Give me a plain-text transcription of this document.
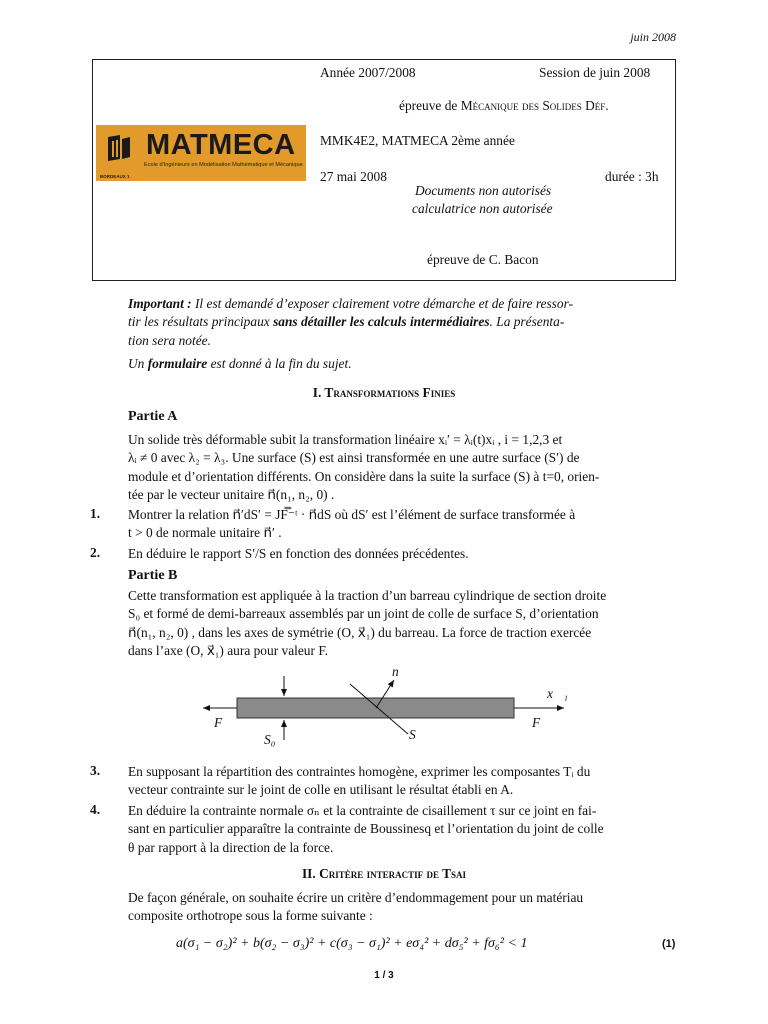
juin 2008
Année 2007/2008	Session de juin 2008
épreuve de Mécanique des Solides Déf.
MMK4E2, MATMECA 2ème année
27 mai 2008	durée : 3h
Documents non autorisés
calculatrice non autorisée
épreuve de C. Bacon
BORDEAUX 1
MATMECA
Ecole d'Ingénieurs en Modélisation Mathématique et Mécanique
Important : Il est demandé d’exposer clairement votre démarche et de faire ressor-
tir les résultats principaux sans détailler les calculs intermédiaires. La présenta-
tion sera notée.
Un formulaire est donné à la fin du sujet.
I. Transformations Finies
Partie A
Un solide très déformable subit la transformation linéaire xᵢ′ = λᵢ(t)xᵢ , i = 1,2,3 et
λᵢ ≠ 0 avec λ₂ = λ₃. Une surface (S) est ainsi transformée en une autre surface (S′) de
module et d’orientation différents. On considère dans la suite la surface (S) à t=0, orien-
tée par le vecteur unitaire n⃗(n₁, n₂, 0) .
1. Montrer la relation n⃗′dS′ = JF̿⁻ᵗ · n⃗dS où dS′ est l’élément de surface transformée à
t > 0 de normale unitaire n⃗′ .
2. En déduire le rapport S′/S en fonction des données précédentes.
Partie B
Cette transformation est appliquée à la traction d’un barreau cylindrique de section droite
S₀ et formé de demi-barreaux assemblés par un joint de colle de surface S, d’orientation
n⃗(n₁, n₂, 0) , dans les axes de symétrie (O, x⃗₁) du barreau. La force de traction exercée
dans l’axe (O, x⃗₁) aura pour valeur F.
n⃗
x⃗₁
F	F
S₀	S
3. En supposant la répartition des contraintes homogène, exprimer les composantes Tᵢ du
vecteur contrainte sur le joint de colle en utilisant le résultat établi en A.
4. En déduire la contrainte normale σₙ et la contrainte de cisaillement τ sur ce joint en fai-
sant en particulier apparaître la contrainte de Boussinesq et l’orientation du joint de colle
θ par rapport à la direction de la force.
II. Critère interactif de Tsai
De façon générale, on souhaite écrire un critère d’endommagement pour un matériau
composite orthotrope sous la forme suivante :
a(σ₁ − σ₂)² + b(σ₂ − σ₃)² + c(σ₃ − σ₁)² + eσ₄² + dσ₅² + fσ₆² < 1	(1)
1 / 3
